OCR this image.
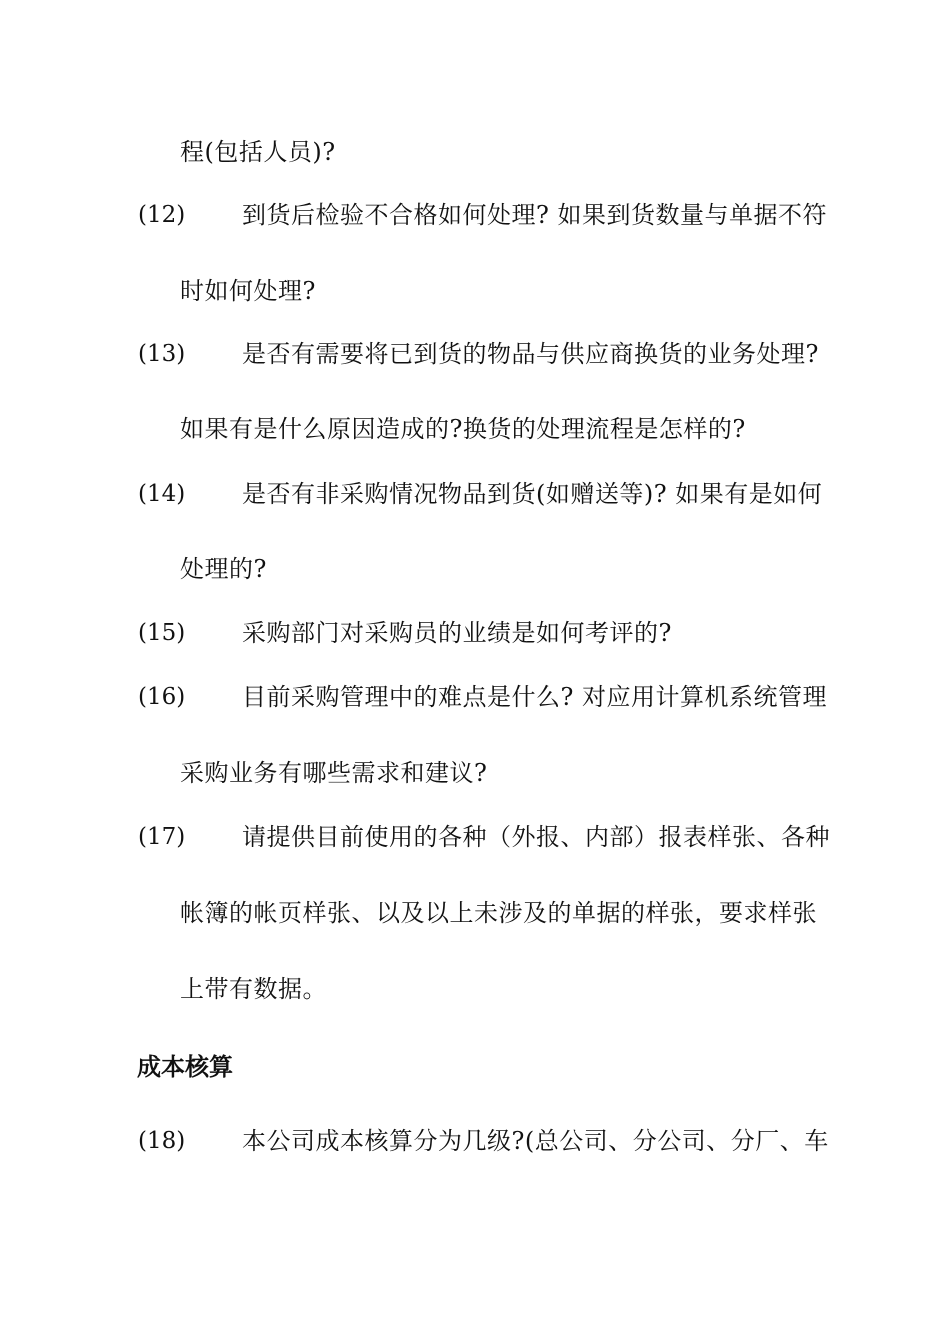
程(包括人员)?
(12) 到货后检验不合格如何处理? 如果到货数量与单据不符
时如何处理?
(13) 是否有需要将已到货的物品与供应商换货的业务处理?
如果有是什么原因造成的?换货的处理流程是怎样的?
(14) 是否有非采购情况物品到货(如赠送等)? 如果有是如何
处理的?
(15) 采购部门对采购员的业绩是如何考评的?
(16) 目前采购管理中的难点是什么? 对应用计算机系统管理
采购业务有哪些需求和建议?
(17) 请提供目前使用的各种（外报、内部）报表样张、各种
帐簿的帐页样张、以及以上未涉及的单据的样张，要求样张
上带有数据。
成本核算
(18) 本公司成本核算分为几级?(总公司、分公司、分厂、车
